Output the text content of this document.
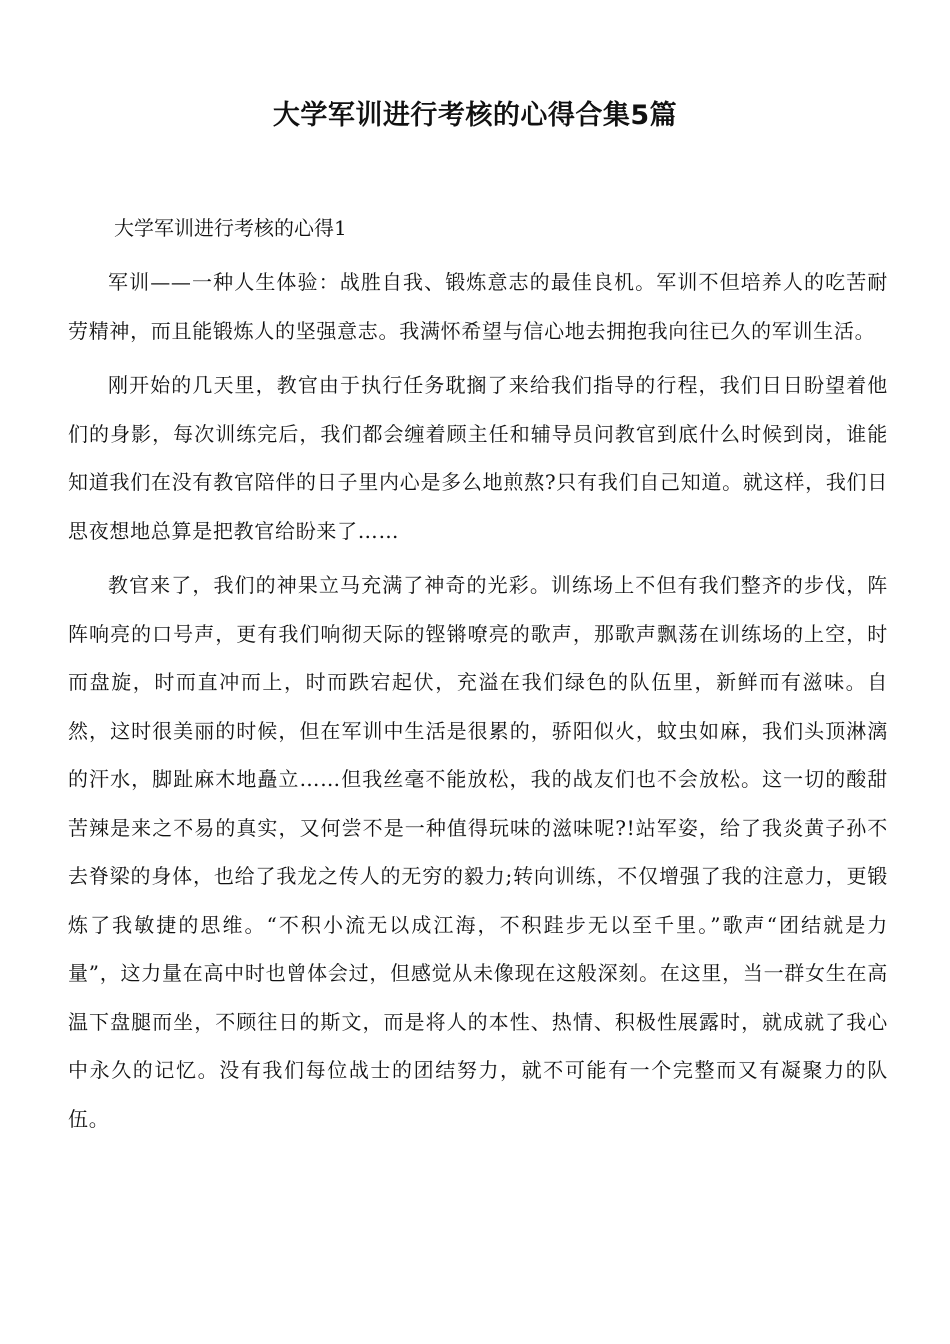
大学军训进行考核的心得合集5篇
大学军训进行考核的心得1

军训——一种人生体验：战胜自我、锻炼意志的最佳良机。军训不但培养人的吃苦耐劳精神，而且能锻炼人的坚强意志。我满怀希望与信心地去拥抱我向往已久的军训生活。

刚开始的几天里，教官由于执行任务耽搁了来给我们指导的行程，我们日日盼望着他们的身影，每次训练完后，我们都会缠着顾主任和辅导员问教官到底什么时候到岗，谁能知道我们在没有教官陪伴的日子里内心是多么地煎熬?只有我们自己知道。就这样，我们日思夜想地总算是把教官给盼来了……

教官来了，我们的神果立马充满了神奇的光彩。训练场上不但有我们整齐的步伐，阵阵响亮的口号声，更有我们响彻天际的铿锵嘹亮的歌声，那歌声飘荡在训练场的上空，时而盘旋，时而直冲而上，时而跌宕起伏，充溢在我们绿色的队伍里，新鲜而有滋味。自然，这时很美丽的时候，但在军训中生活是很累的，骄阳似火，蚊虫如麻，我们头顶淋漓的汗水，脚趾麻木地矗立……但我丝毫不能放松，我的战友们也不会放松。这一切的酸甜苦辣是来之不易的真实，又何尝不是一种值得玩味的滋味呢?!站军姿，给了我炎黄子孙不去脊梁的身体，也给了我龙之传人的无穷的毅力;转向训练，不仅增强了我的注意力，更锻炼了我敏捷的思维。“不积小流无以成江海，不积跬步无以至千里。”歌声“团结就是力量”，这力量在高中时也曾体会过，但感觉从未像现在这般深刻。在这里，当一群女生在高温下盘腿而坐，不顾往日的斯文，而是将人的本性、热情、积极性展露时，就成就了我心中永久的记忆。没有我们每位战士的团结努力，就不可能有一个完整而又有凝聚力的队伍。
